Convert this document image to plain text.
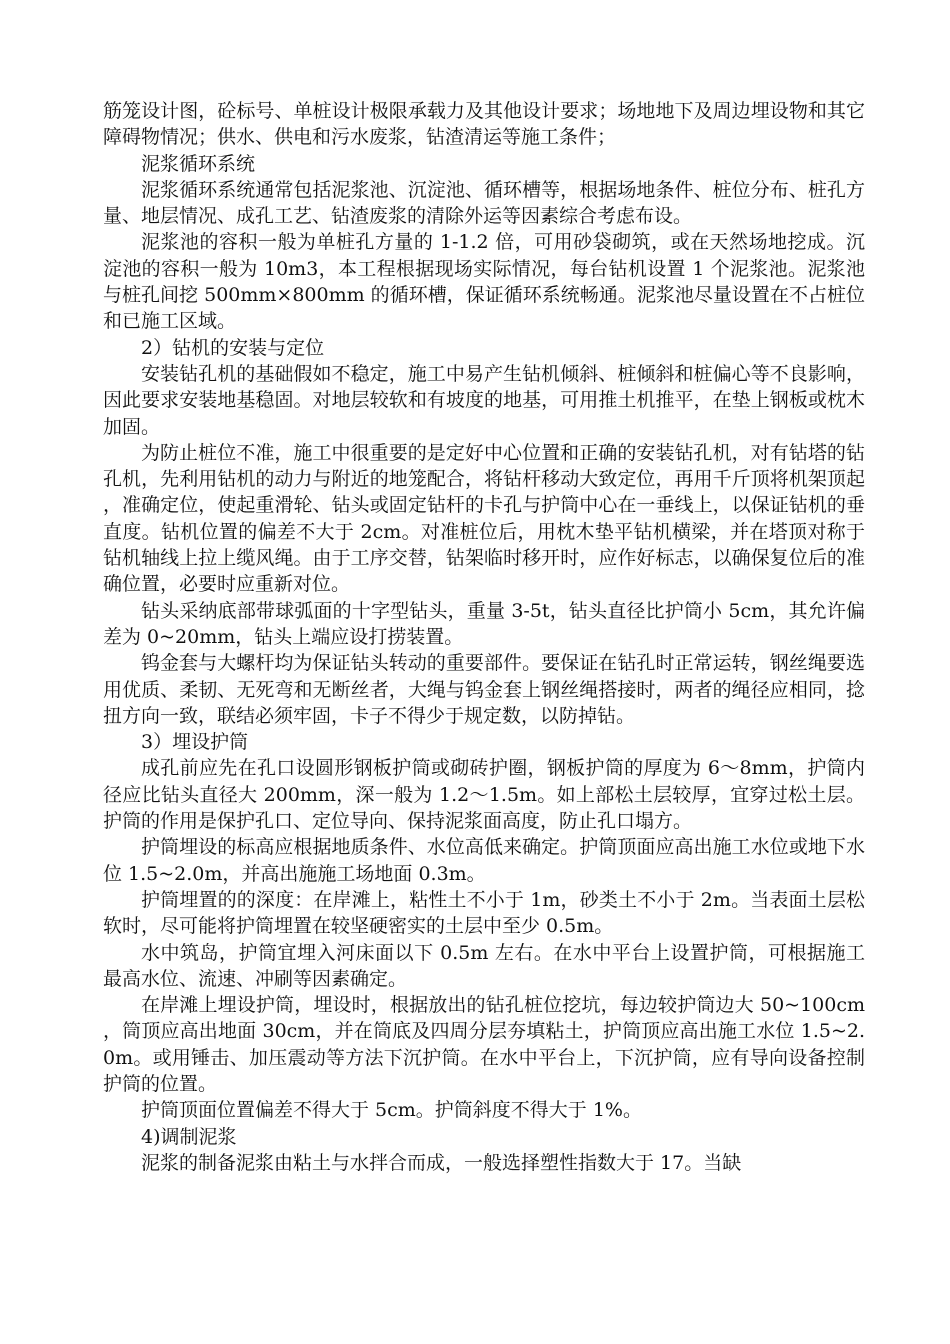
筋笼设计图，砼标号、单桩设计极限承载力及其他设计要求；场地地下及周边埋设物和其它障碍物情况；供水、供电和污水废浆，钻渣清运等施工条件；

泥浆循环系统

泥浆循环系统通常包括泥浆池、沉淀池、循环槽等，根据场地条件、桩位分布、桩孔方量、地层情况、成孔工艺、钻渣废浆的清除外运等因素综合考虑布设。

泥浆池的容积一般为单桩孔方量的 1-1.2 倍，可用砂袋砌筑，或在天然场地挖成。沉淀池的容积一般为 10m3，本工程根据现场实际情况，每台钻机设置 1 个泥浆池。泥浆池与桩孔间挖 500mm×800mm 的循环槽，保证循环系统畅通。泥浆池尽量设置在不占桩位和已施工区域。

2）钻机的安装与定位

安装钻孔机的基础假如不稳定，施工中易产生钻机倾斜、桩倾斜和桩偏心等不良影响，因此要求安装地基稳固。对地层较软和有坡度的地基，可用推土机推平，在垫上钢板或枕木加固。

为防止桩位不准，施工中很重要的是定好中心位置和正确的安装钻孔机，对有钻塔的钻孔机，先利用钻机的动力与附近的地笼配合，将钻杆移动大致定位，再用千斤顶将机架顶起，准确定位，使起重滑轮、钻头或固定钻杆的卡孔与护筒中心在一垂线上，以保证钻机的垂直度。钻机位置的偏差不大于 2cm。对准桩位后，用枕木垫平钻机横梁，并在塔顶对称于钻机轴线上拉上缆风绳。由于工序交替，钻架临时移开时，应作好标志，以确保复位后的准确位置，必要时应重新对位。

钻头采纳底部带球弧面的十字型钻头，重量 3-5t，钻头直径比护筒小 5cm，其允许偏差为 0~20mm，钻头上端应设打捞装置。

钨金套与大螺杆均为保证钻头转动的重要部件。要保证在钻孔时正常运转，钢丝绳要选用优质、柔韧、无死弯和无断丝者，大绳与钨金套上钢丝绳搭接时，两者的绳径应相同，捻扭方向一致，联结必须牢固，卡子不得少于规定数，以防掉钻。

3）埋设护筒

成孔前应先在孔口设圆形钢板护筒或砌砖护圈，钢板护筒的厚度为 6～8mm，护筒内径应比钻头直径大 200mm，深一般为 1.2～1.5m。如上部松土层较厚，宜穿过松土层。护筒的作用是保护孔口、定位导向、保持泥浆面高度，防止孔口塌方。

护筒埋设的标高应根据地质条件、水位高低来确定。护筒顶面应高出施工水位或地下水位 1.5~2.0m，并高出施施工场地面 0.3m。

护筒埋置的的深度：在岸滩上，粘性土不小于 1m，砂类土不小于 2m。当表面土层松软时，尽可能将护筒埋置在较坚硬密实的土层中至少 0.5m。

水中筑岛，护筒宜埋入河床面以下 0.5m 左右。在水中平台上设置护筒，可根据施工最高水位、流速、冲刷等因素确定。

在岸滩上埋设护筒，埋设时，根据放出的钻孔桩位挖坑，每边较护筒边大 50~100cm，筒顶应高出地面 30cm，并在筒底及四周分层夯填粘土，护筒顶应高出施工水位 1.5~2.0m。或用锤击、加压震动等方法下沉护筒。在水中平台上，下沉护筒，应有导向设备控制护筒的位置。

护筒顶面位置偏差不得大于 5cm。护筒斜度不得大于 1%。

4)调制泥浆

泥浆的制备泥浆由粘土与水拌合而成，一般选择塑性指数大于 17。当缺
